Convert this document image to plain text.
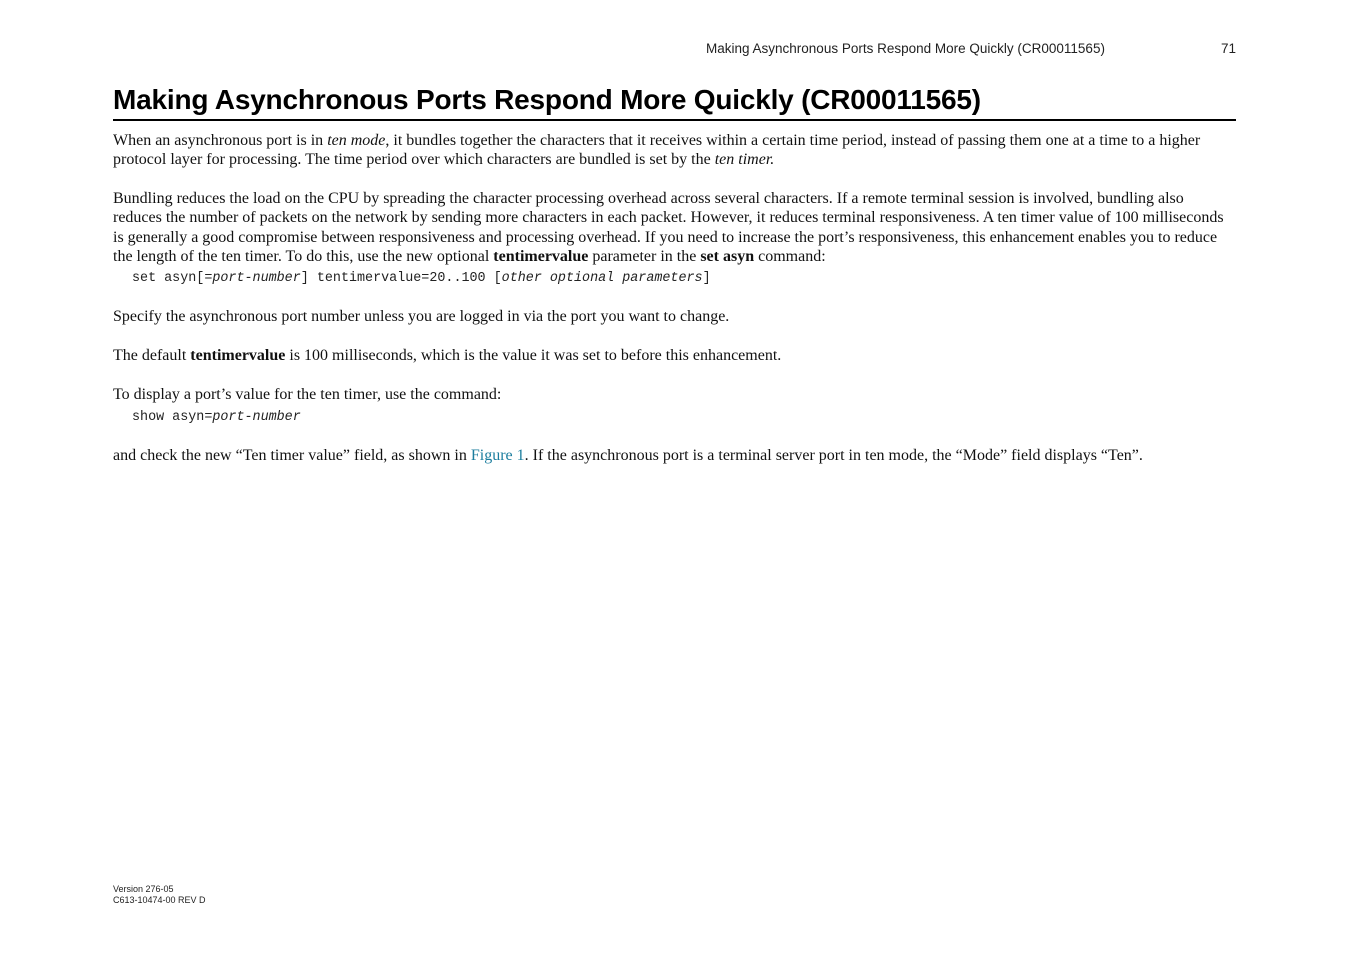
Making Asynchronous Ports Respond More Quickly (CR00011565)	71
Making Asynchronous Ports Respond More Quickly (CR00011565)

When an asynchronous port is in ten mode, it bundles together the characters that it receives within a certain time period, instead of passing them one at a time to a higher protocol layer for processing. The time period over which characters are bundled is set by the ten timer.

Bundling reduces the load on the CPU by spreading the character processing overhead across several characters. If a remote terminal session is involved, bundling also reduces the number of packets on the network by sending more characters in each packet. However, it reduces terminal responsiveness. A ten timer value of 100 milliseconds is generally a good compromise between responsiveness and processing overhead. If you need to increase the port’s responsiveness, this enhancement enables you to reduce the length of the ten timer. To do this, use the new optional tentimervalue parameter in the set asyn command:

set asyn[=port-number] tentimervalue=20..100 [other optional parameters]

Specify the asynchronous port number unless you are logged in via the port you want to change.

The default tentimervalue is 100 milliseconds, which is the value it was set to before this enhancement.

To display a port’s value for the ten timer, use the command:

show asyn=port-number

and check the new “Ten timer value” field, as shown in Figure 1. If the asynchronous port is a terminal server port in ten mode, the “Mode” field displays “Ten”.

Version 276-05
C613-10474-00 REV D
